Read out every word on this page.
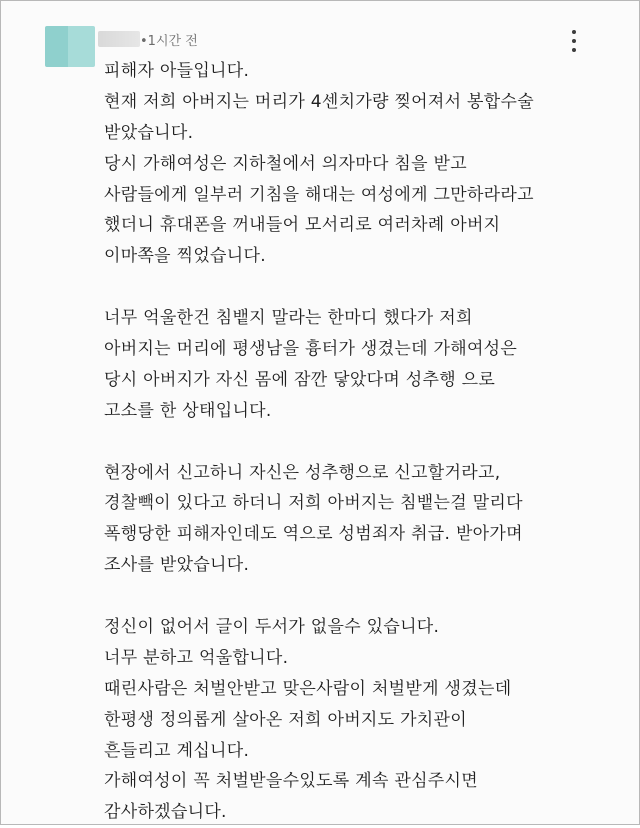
•1시간 전
피해자 아들입니다.
현재 저희 아버지는 머리가 4센치가량 찢어져서 봉합수술
받았습니다.
당시 가해여성은 지하철에서 의자마다 침을 받고
사람들에게 일부러 기침을 해대는 여성에게 그만하라라고
했더니 휴대폰을 꺼내들어 모서리로 여러차례 아버지
이마쪽을 찍었습니다.
너무 억울한건 침뱉지 말라는 한마디 했다가 저희
아버지는 머리에 평생남을 흉터가 생겼는데 가해여성은
당시 아버지가 자신 몸에 잠깐 닿았다며 성추행 으로
고소를 한 상태입니다.
현장에서 신고하니 자신은 성추행으로 신고할거라고,
경찰빽이 있다고 하더니 저희 아버지는 침뱉는걸 말리다
폭행당한 피해자인데도 역으로 성범죄자 취급. 받아가며
조사를 받았습니다.
정신이 없어서 글이 두서가 없을수 있습니다.
너무 분하고 억울합니다.
때린사람은 처벌안받고 맞은사람이 처벌받게 생겼는데
한평생 정의롭게 살아온 저희 아버지도 가치관이
흔들리고 계십니다.
가해여성이 꼭 처벌받을수있도록 계속 관심주시면
감사하겠습니다.
